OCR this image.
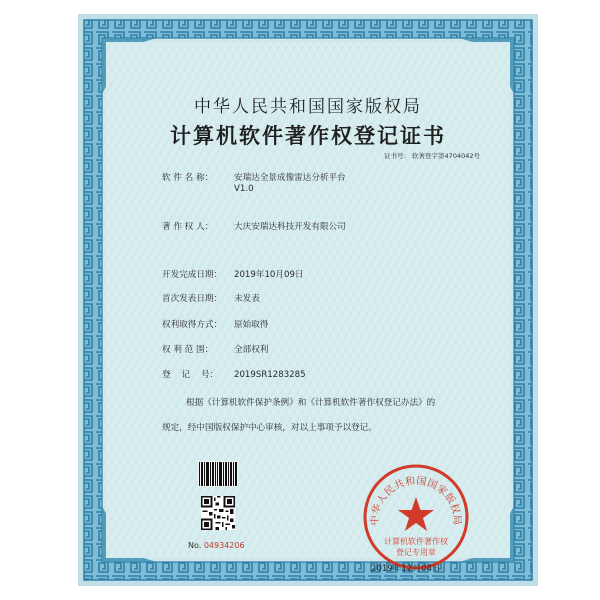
中华人民共和国国家版权局
计算机软件著作权登记证书
证书号： 软著登字第4704042号
软 件 名 称： 安瑞达全景成像雷达分析平台
V1.0
著 作 权 人： 大庆安瑞达科技开发有限公司
开发完成日期： 2019年10月09日
首次发表日期： 未发表
权利取得方式： 原始取得
权 利 范 围： 全部权利
登    记    号： 2019SR1283285
根据《计算机软件保护条例》和《计算机软件著作权登记办法》的
规定，经中国版权保护中心审核，对以上事项予以登记。
No. 04934206
中华人民共和国国家版权局
计算机软件著作权
登记专用章
2019年12月04日
